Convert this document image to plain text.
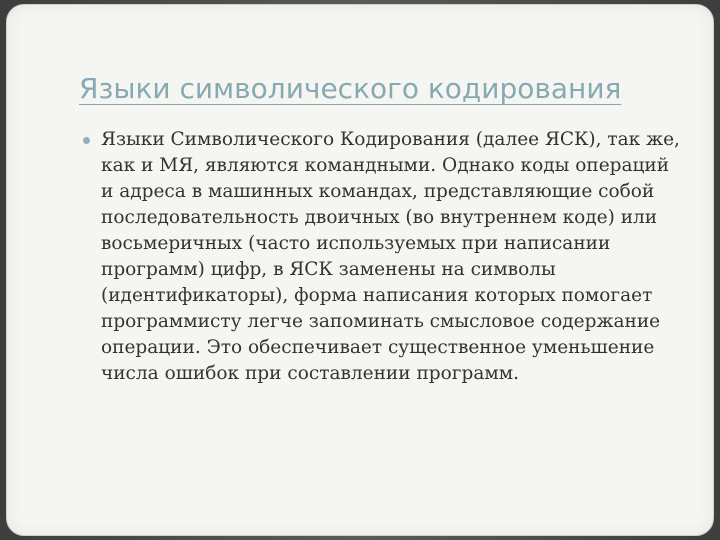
Языки символического кодирования

Языки Символического Кодирования (далее ЯСК), так же, как и МЯ, являются командными. Однако коды операций и адреса в машинных командах, представляющие собой последовательность двоичных (во внутреннем коде) или восьмеричных (часто используемых при написании программ) цифр, в ЯСК заменены на символы (идентификаторы), форма написания которых помогает программисту легче запоминать смысловое содержание операции. Это обеспечивает существенное уменьшение числа ошибок при составлении программ.
